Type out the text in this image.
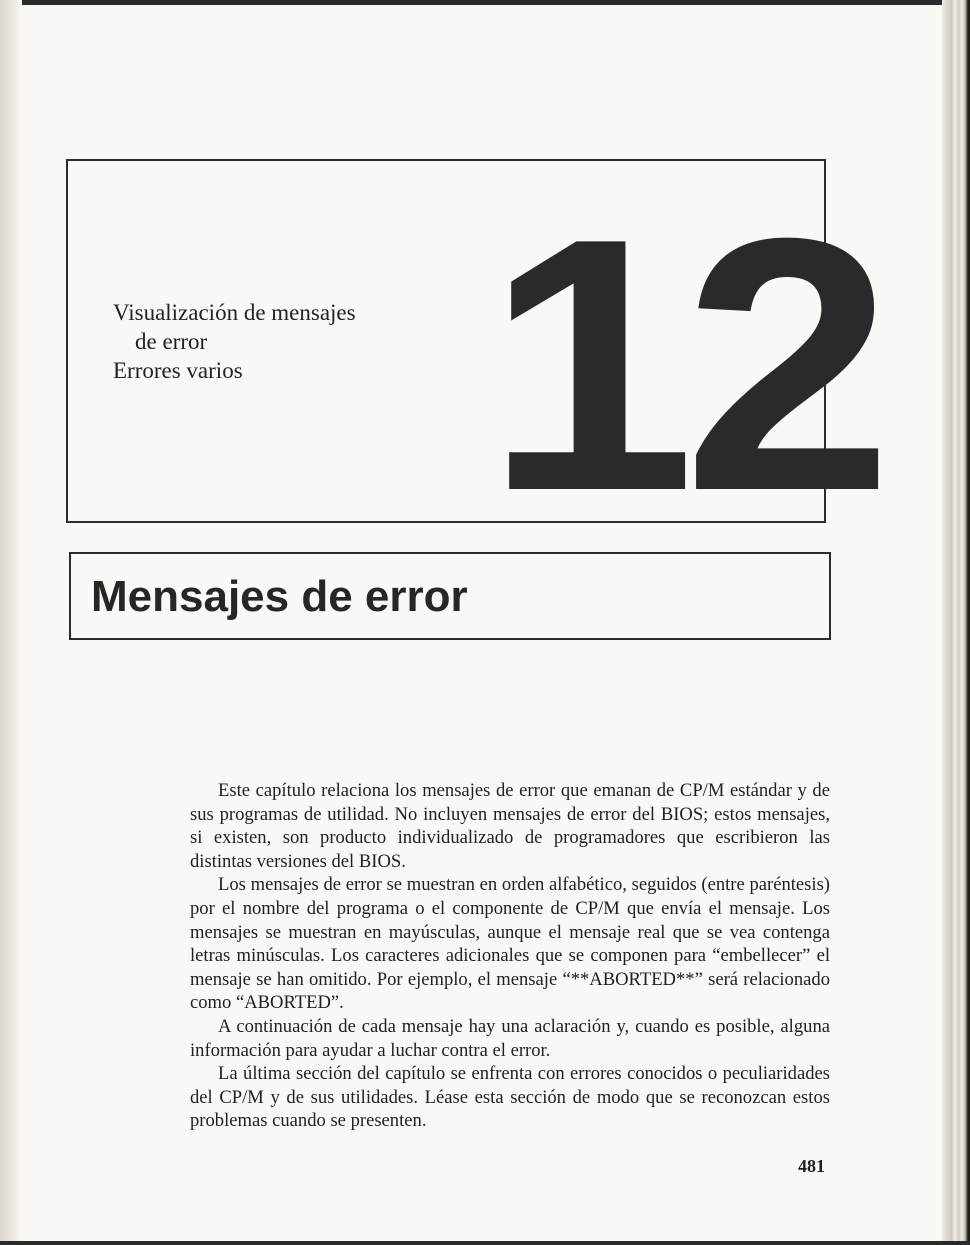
Visualización de mensajes
de error
Errores varios 12
Mensajes de error

Este capítulo relaciona los mensajes de error que emanan de CP/M estándar y de sus programas de utilidad. No incluyen mensajes de error del BIOS; estos mensajes, si existen, son producto individualizado de programadores que escribieron las distintas versiones del BIOS.

Los mensajes de error se muestran en orden alfabético, seguidos (entre paréntesis) por el nombre del programa o el componente de CP/M que envía el mensaje. Los mensajes se muestran en mayúsculas, aunque el mensaje real que se vea contenga letras minúsculas. Los caracteres adicionales que se componen para “embellecer” el mensaje se han omitido. Por ejemplo, el mensaje “**ABORTED**” será relacionado como “ABORTED”.

A continuación de cada mensaje hay una aclaración y, cuando es posible, alguna información para ayudar a luchar contra el error.

La última sección del capítulo se enfrenta con errores conocidos o peculiaridades del CP/M y de sus utilidades. Léase esta sección de modo que se reconozcan estos problemas cuando se presenten.

481
